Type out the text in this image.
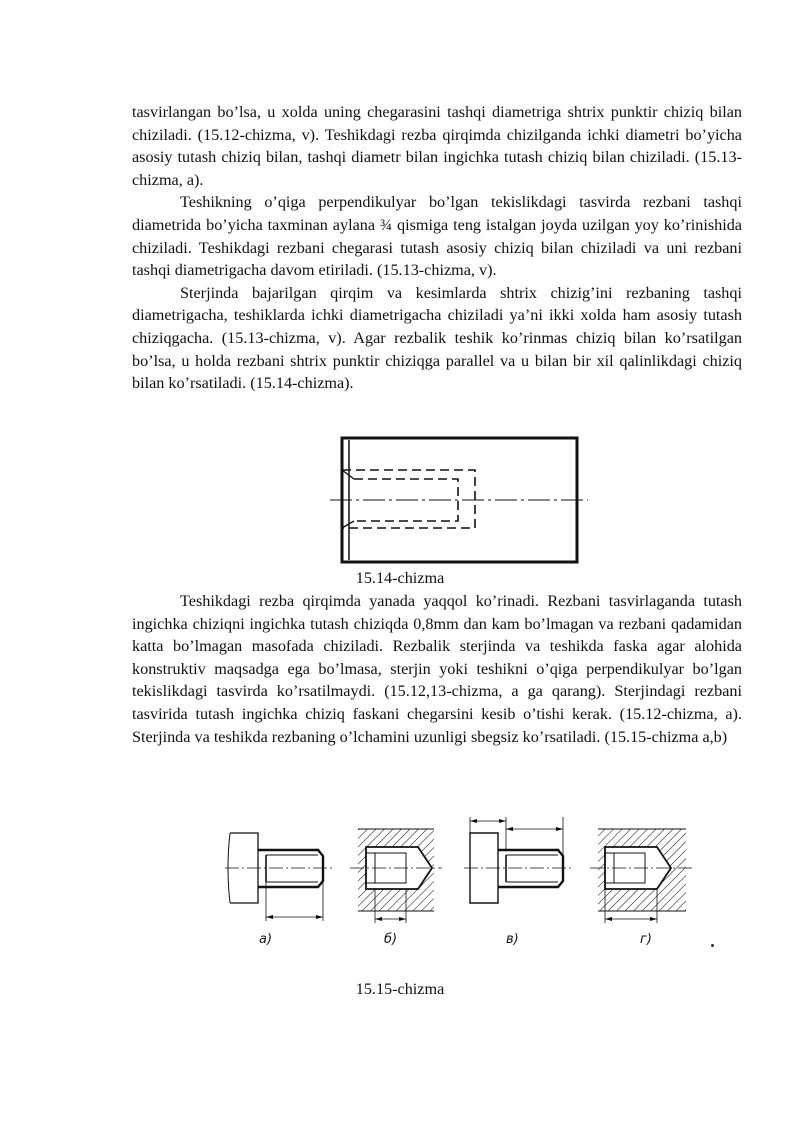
tasvirlangan bo’lsa, u xolda uning chegarasini tashqi diametriga shtrix punktir chiziq bilan chiziladi. (15.12-chizma, v). Teshikdagi rezba qirqimda chizilganda ichki diametri bo’yicha asosiy tutash chiziq bilan, tashqi diametr bilan ingichka tutash chiziq bilan chiziladi. (15.13-chizma, a).

Teshikning o’qiga perpendikulyar bo’lgan tekislikdagi tasvirda rezbani tashqi diametrida bo’yicha taxminan aylana ¾ qismiga teng istalgan joyda uzilgan yoy ko’rinishida chiziladi. Teshikdagi rezbani chegarasi tutash asosiy chiziq bilan chiziladi va uni rezbani tashqi diametrigacha davom etiriladi. (15.13-chizma, v).

Sterjinda bajarilgan qirqim va kesimlarda shtrix chizig’ini rezbaning tashqi diametrigacha, teshiklarda ichki diametrigacha chiziladi ya’ni ikki xolda ham asosiy tutash chiziqgacha. (15.13-chizma, v). Agar rezbalik teshik ko’rinmas chiziq bilan ko’rsatilgan bo’lsa, u holda rezbani shtrix punktir chiziqga parallel va u bilan bir xil qalinlikdagi chiziq bilan ko’rsatiladi. (15.14-chizma).

15.14-chizma

Teshikdagi rezba qirqimda yanada yaqqol ko’rinadi. Rezbani tasvirlaganda tutash ingichka chiziqni ingichka tutash chiziqda 0,8mm dan kam bo’lmagan va rezbani qadamidan katta bo’lmagan masofada chiziladi. Rezbalik sterjinda va teshikda faska agar alohida konstruktiv maqsadga ega bo’lmasa, sterjin yoki teshikni o’qiga perpendikulyar bo’lgan tekislikdagi tasvirda ko’rsatilmaydi. (15.12,13-chizma, a ga qarang). Sterjindagi rezbani tasvirida tutash ingichka chiziq faskani chegarsini kesib o’tishi kerak. (15.12-chizma, a). Sterjinda va teshikda rezbaning o’lchamini uzunligi sbegsiz ko’rsatiladi. (15.15-chizma a,b)

а)	б)	в)	г)
15.15-chizma
